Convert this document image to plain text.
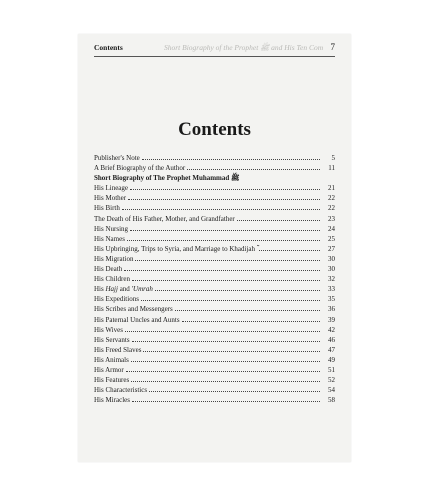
Contents	Short Biography of the Prophet ﷺ and His Ten Com 7
Contents
Publisher's Note	5
A Brief Biography of the Author	11
Short Biography of The Prophet Muhammad ﷺ
His Lineage	21
His Mother	22
His Birth	22
The Death of His Father, Mother, and Grandfather	23
His Nursing	24
His Names	25
His Upbringing, Trips to Syria, and Marriage to Khadijah ؓ	27
His Migration	30
His Death	30
His Children	32
His Hajj and 'Umrah	33
His Expeditions	35
His Scribes and Messengers	36
His Paternal Uncles and Aunts	39
His Wives	42
His Servants	46
His Freed Slaves	47
His Animals	49
His Armor	51
His Features	52
His Characteristics	54
His Miracles	58
